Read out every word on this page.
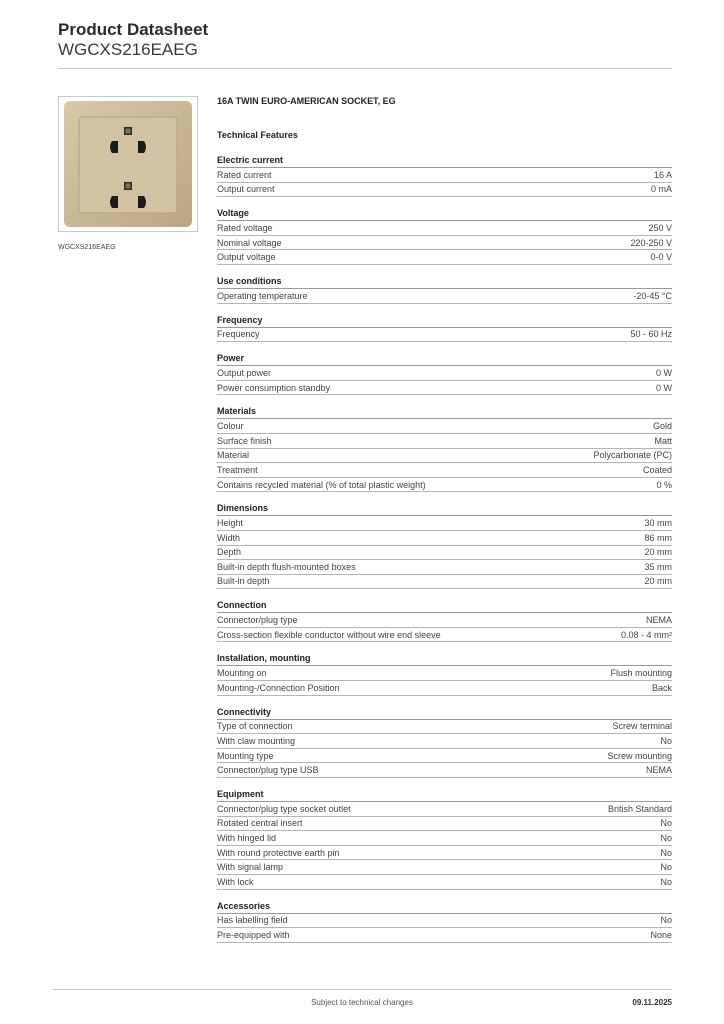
Product Datasheet
WGCXS216EAEG
WGCXS216EAEG
16A TWIN EURO-AMERICAN SOCKET, EG
Technical Features
Electric current
Rated current	16 A
Output current	0 mA
Voltage
Rated voltage	250 V
Nominal voltage	220-250 V
Output voltage	0-0 V
Use conditions
Operating temperature	-20-45 °C
Frequency
Frequency	50 - 60 Hz
Power
Output power	0 W
Power consumption standby	0 W
Materials
Colour	Gold
Surface finish	Matt
Material	Polycarbonate (PC)
Treatment	Coated
Contains recycled material (% of total plastic weight)	0 %
Dimensions
Height	30 mm
Width	86 mm
Depth	20 mm
Built-in depth flush-mounted boxes	35 mm
Built-in depth	20 mm
Connection
Connector/plug type	NEMA
Cross-section flexible conductor without wire end sleeve	0.08 - 4 mm²
Installation, mounting
Mounting on	Flush mounting
Mounting-/Connection Position	Back
Connectivity
Type of connection	Screw terminal
With claw mounting	No
Mounting type	Screw mounting
Connector/plug type USB	NEMA
Equipment
Connector/plug type socket outlet	British Standard
Rotated central insert	No
With hinged lid	No
With round protective earth pin	No
With signal lamp	No
With lock	No
Accessories
Has labelling field	No
Pre-equipped with	None
Subject to technical changes	09.11.2025
